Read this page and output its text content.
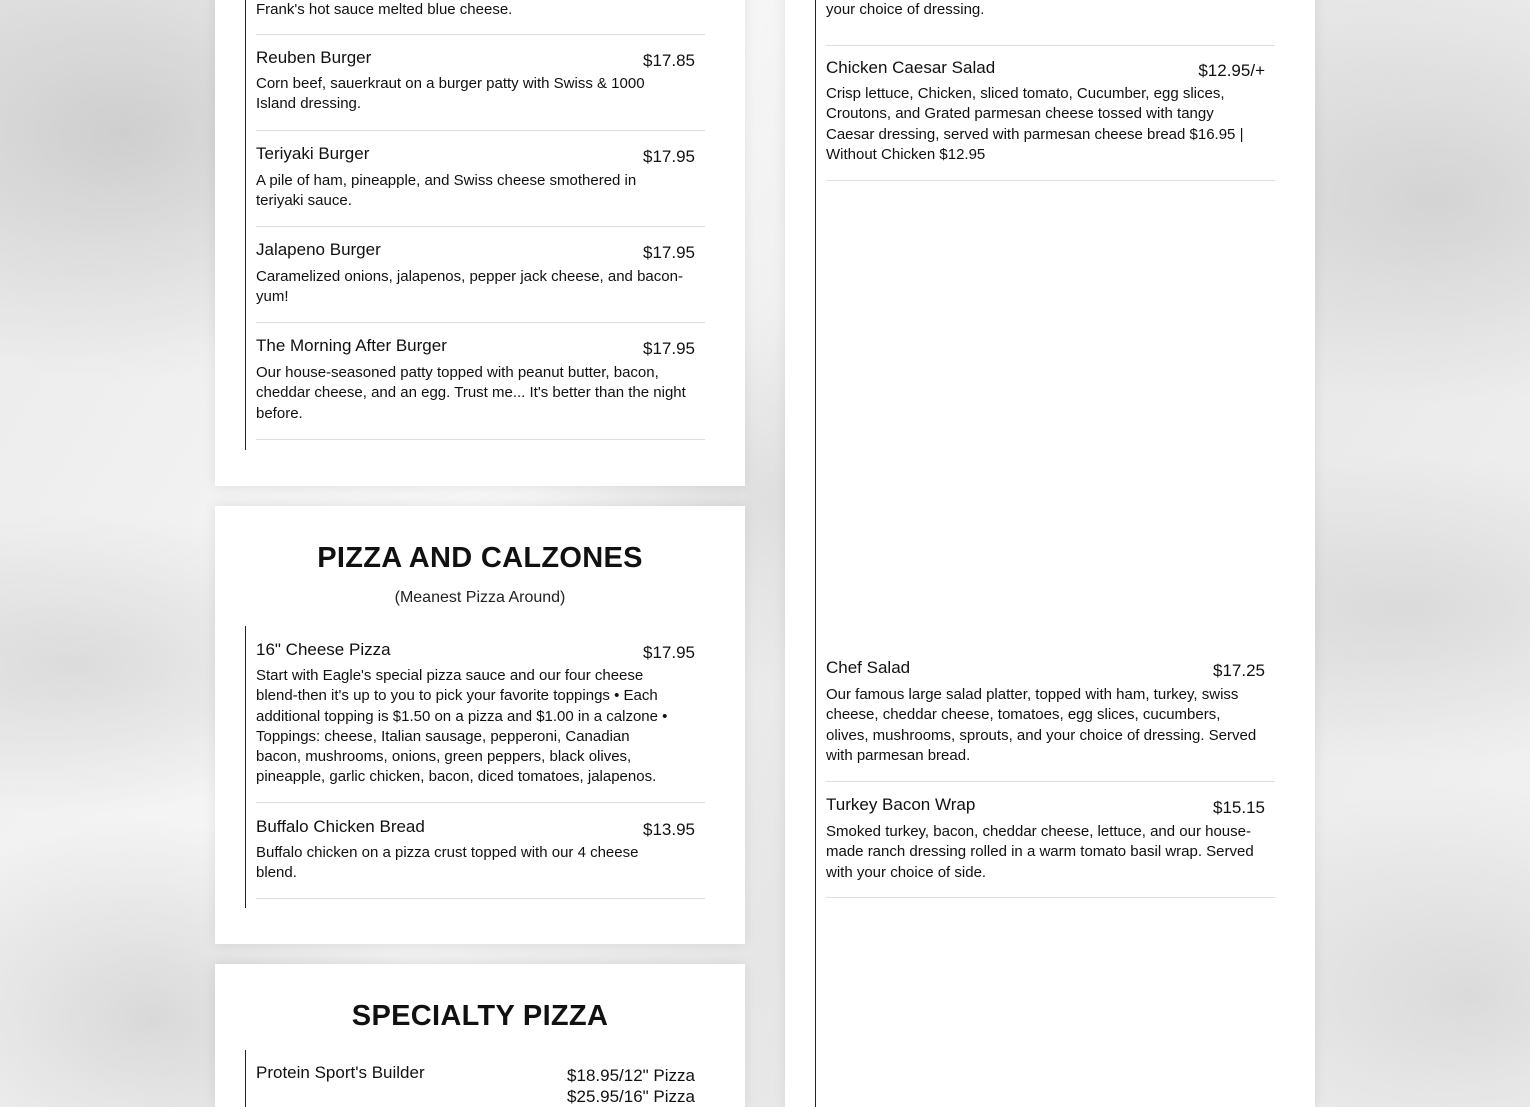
Frank's hot sauce melted blue cheese.
Reuben Burger	$17.85
Corn beef, sauerkraut on a burger patty with Swiss & 1000 Island dressing.
Teriyaki Burger	$17.95
A pile of ham, pineapple, and Swiss cheese smothered in teriyaki sauce.
Jalapeno Burger	$17.95
Caramelized onions, jalapenos, pepper jack cheese, and bacon- yum!
The Morning After Burger	$17.95
Our house-seasoned patty topped with peanut butter, bacon, cheddar cheese, and an egg. Trust me... It's better than the night before.
PIZZA AND CALZONES
(Meanest Pizza Around)
16" Cheese Pizza	$17.95
Start with Eagle's special pizza sauce and our four cheese blend-then it's up to you to pick your favorite toppings • Each additional topping is $1.50 on a pizza and $1.00 in a calzone • Toppings: cheese, Italian sausage, pepperoni, Canadian bacon, mushrooms, onions, green peppers, black olives, pineapple, garlic chicken, bacon, diced tomatoes, jalapenos.
Buffalo Chicken Bread	$13.95
Buffalo chicken on a pizza crust topped with our 4 cheese blend.
SPECIALTY PIZZA
Protein Sport's Builder	$18.95/12" Pizza
$25.95/16" Pizza
your choice of dressing.
Chicken Caesar Salad	$12.95/+
Crisp lettuce, Chicken, sliced tomato, Cucumber, egg slices, Croutons, and Grated parmesan cheese tossed with tangy Caesar dressing, served with parmesan cheese bread $16.95 | Without Chicken $12.95
Chef Salad	$17.25
Our famous large salad platter, topped with ham, turkey, swiss cheese, cheddar cheese, tomatoes, egg slices, cucumbers, olives, mushrooms, sprouts, and your choice of dressing. Served with parmesan bread.
Turkey Bacon Wrap	$15.15
Smoked turkey, bacon, cheddar cheese, lettuce, and our house-made ranch dressing rolled in a warm tomato basil wrap. Served with your choice of side.
